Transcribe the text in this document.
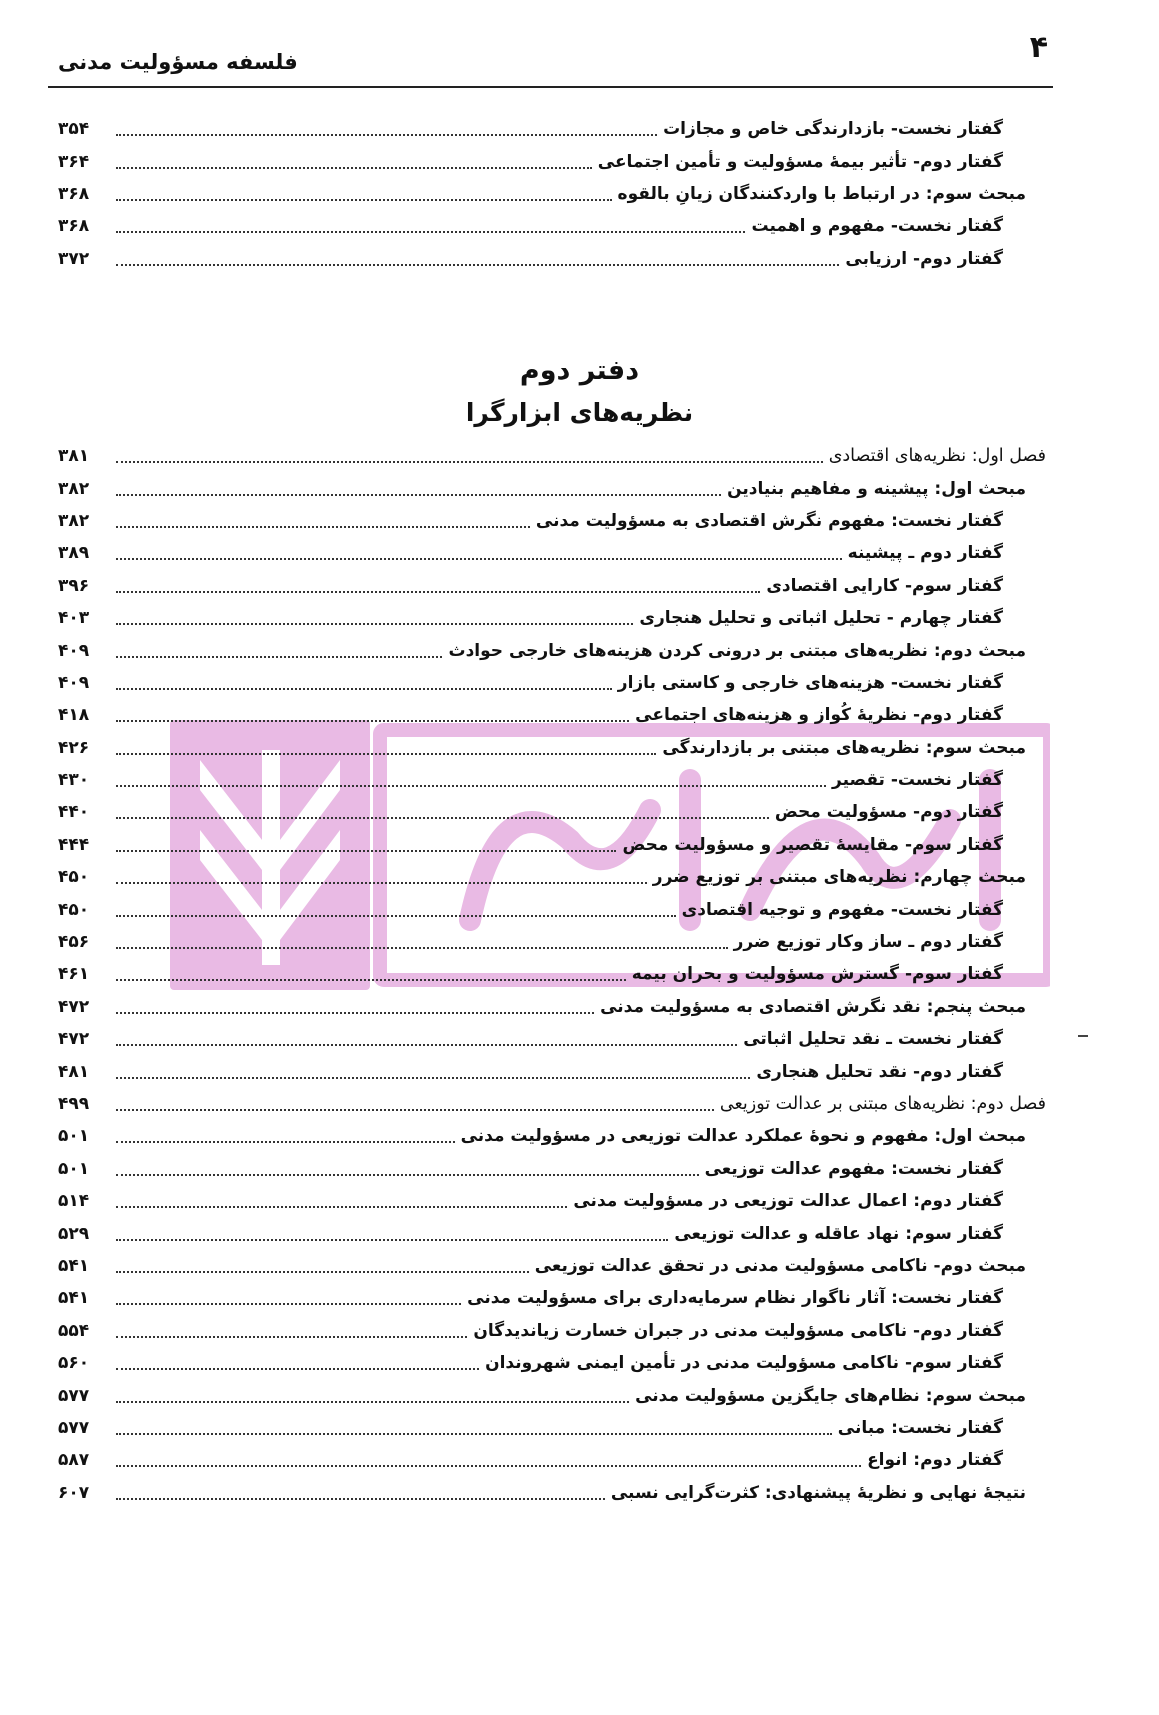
۴
فلسفه مسؤولیت مدنی
گفتار نخست- بازدارندگی خاص و مجازات
۳۵۴
گفتار دوم- تأثیر بیمهٔ مسؤولیت و تأمین اجتماعی
۳۶۴
مبحث سوم: در ارتباط با واردکنندگان زیانِ بالقوه
۳۶۸
گفتار نخست- مفهوم و اهمیت
۳۶۸
گفتار دوم- ارزیابی
۳۷۲
دفتر دوم
نظریه‌های ابزارگرا
فصل اول: نظریه‌های اقتصادی
۳۸۱
مبحث اول: پیشینه و مفاهیم بنیادین
۳۸۲
گفتار نخست: مفهوم نگرش اقتصادی به مسؤولیت مدنی
۳۸۲
گفتار دوم ـ پیشینه
۳۸۹
گفتار سوم- کارایی اقتصادی
۳۹۶
گفتار چهارم - تحلیل اثباتی و تحلیل هنجاری
۴۰۳
مبحث دوم: نظریه‌های مبتنی بر درونی کردن هزینه‌های خارجی حوادث
۴۰۹
گفتار نخست- هزینه‌های خارجی و کاستی بازار
۴۰۹
گفتار دوم- نظریهٔ کُواز و هزینه‌های اجتماعی
۴۱۸
مبحث سوم: نظریه‌های مبتنی بر بازدارندگی
۴۲۶
گفتار نخست- تقصیر
۴۳۰
گفتار دوم- مسؤولیت محض
۴۴۰
گفتار سوم- مقایسهٔ تقصیر و مسؤولیت محض
۴۴۴
مبحث چهارم: نظریه‌های مبتنی بر توزیع ضرر
۴۵۰
گفتار نخست- مفهوم و توجیه اقتصادی
۴۵۰
گفتار دوم ـ ساز وکار توزیع ضرر
۴۵۶
گفتار سوم- گسترش مسؤولیت و بحران بیمه
۴۶۱
مبحث پنجم: نقد نگرش اقتصادی به مسؤولیت مدنی
۴۷۲
گفتار نخست ـ نقد تحلیل اثباتی
۴۷۲
گفتار دوم- نقد تحلیل هنجاری
۴۸۱
فصل دوم: نظریه‌های مبتنی بر عدالت توزیعی
۴۹۹
مبحث اول: مفهوم و نحوهٔ عملکرد عدالت توزیعی در مسؤولیت مدنی
۵۰۱
گفتار نخست: مفهوم عدالت توزیعی
۵۰۱
گفتار دوم: اعمال عدالت توزیعی در مسؤولیت مدنی
۵۱۴
گفتار سوم: نهاد عاقله و عدالت توزیعی
۵۲۹
مبحث دوم- ناکامی مسؤولیت مدنی در تحقق عدالت توزیعی
۵۴۱
گفتار نخست: آثار ناگوار نظام سرمایه‌داری برای مسؤولیت مدنی
۵۴۱
گفتار دوم- ناکامی مسؤولیت مدنی در جبران خسارت زیاندیدگان
۵۵۴
گفتار سوم- ناکامی مسؤولیت مدنی در تأمین ایمنی شهروندان
۵۶۰
مبحث سوم: نظام‌های جایگزین مسؤولیت مدنی
۵۷۷
گفتار نخست: مبانی
۵۷۷
گفتار دوم: انواع
۵۸۷
نتیجهٔ نهایی و نظریهٔ پیشنهادی: کثرت‌گرایی نسبی
۶۰۷
